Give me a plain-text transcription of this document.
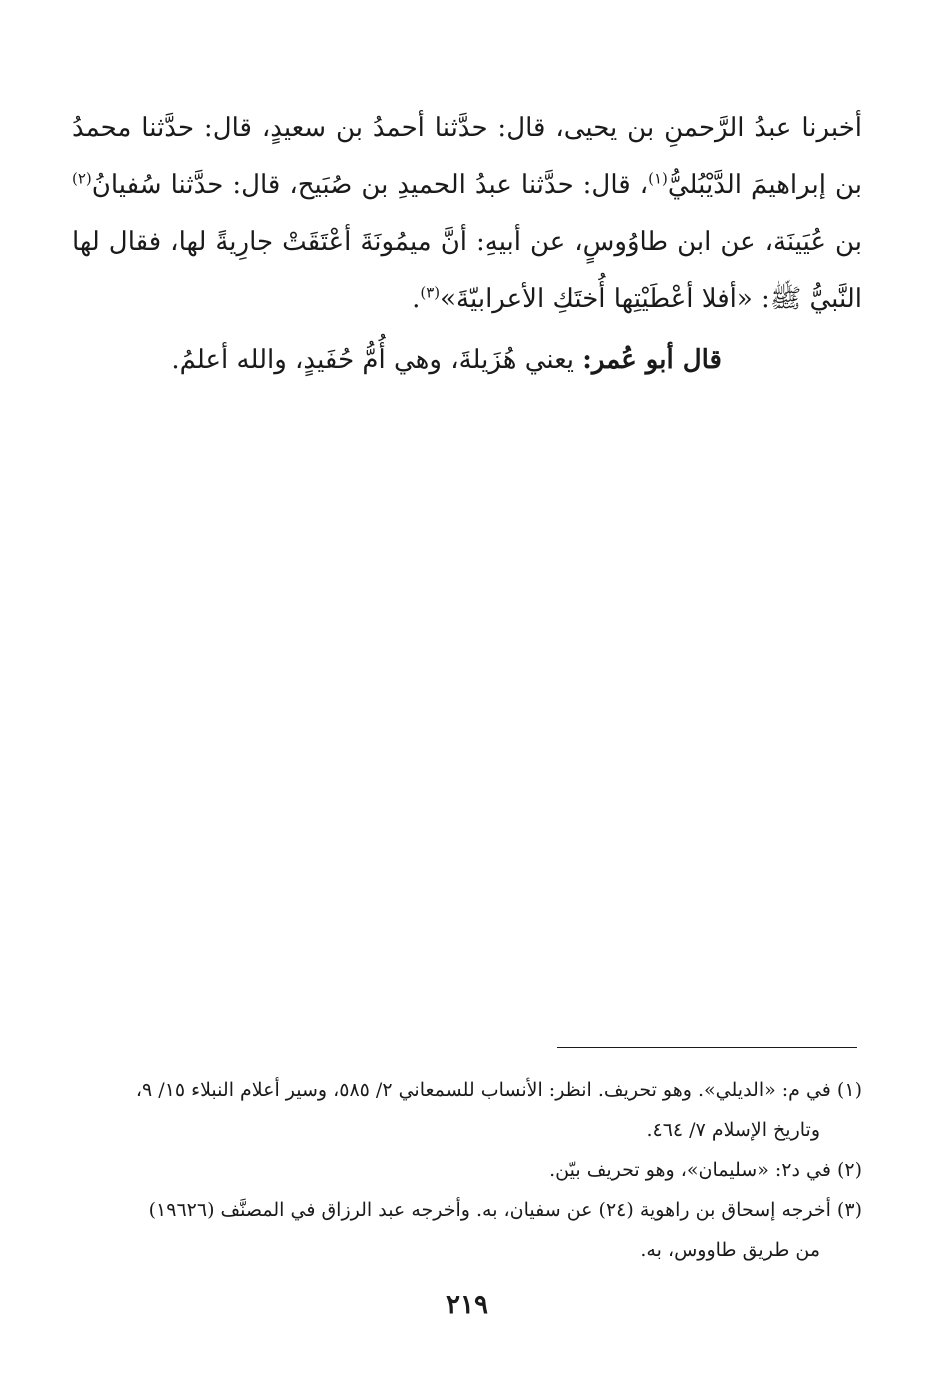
أخبرنا عبدُ الرَّحمنِ بن يحيى، قال: حدَّثنا أحمدُ بن سعيدٍ، قال: حدَّثنا محمدُ بن إبراهيمَ الدَّيْبُليُّ$^{(١)}$، قال: حدَّثنا عبدُ الحميدِ بن صُبَيح، قال: حدَّثنا سُفيانُ$^{(٢)}$ بن عُيَينَة، عن ابن طاوُوسٍ، عن أبيهِ: أنَّ ميمُونَةَ أعْتَقَتْ جارِيةً لها، فقال لها النَّبيُّ ﷺ: «أفلا أعْطَيْتِها أُختَكِ الأعرابيّةَ»$^{(٣)}$.

قال أبو عُمر: يعني هُزَيلةَ، وهي أُمُّ حُفَيدٍ، والله أعلمُ.

(١) في م: «الديلي». وهو تحريف. انظر: الأنساب للسمعاني ٢/ ٥٨٥، وسير أعلام النبلاء ١٥/ ٩،
وتاريخ الإسلام ٧/ ٤٦٤.

(٢) في د٢: «سليمان»، وهو تحريف بيّن.

(٣) أخرجه إسحاق بن راهوية (٢٤) عن سفيان، به. وأخرجه عبد الرزاق في المصنَّف (١٩٦٢٦)
من طريق طاووس، به.

٢١٩
